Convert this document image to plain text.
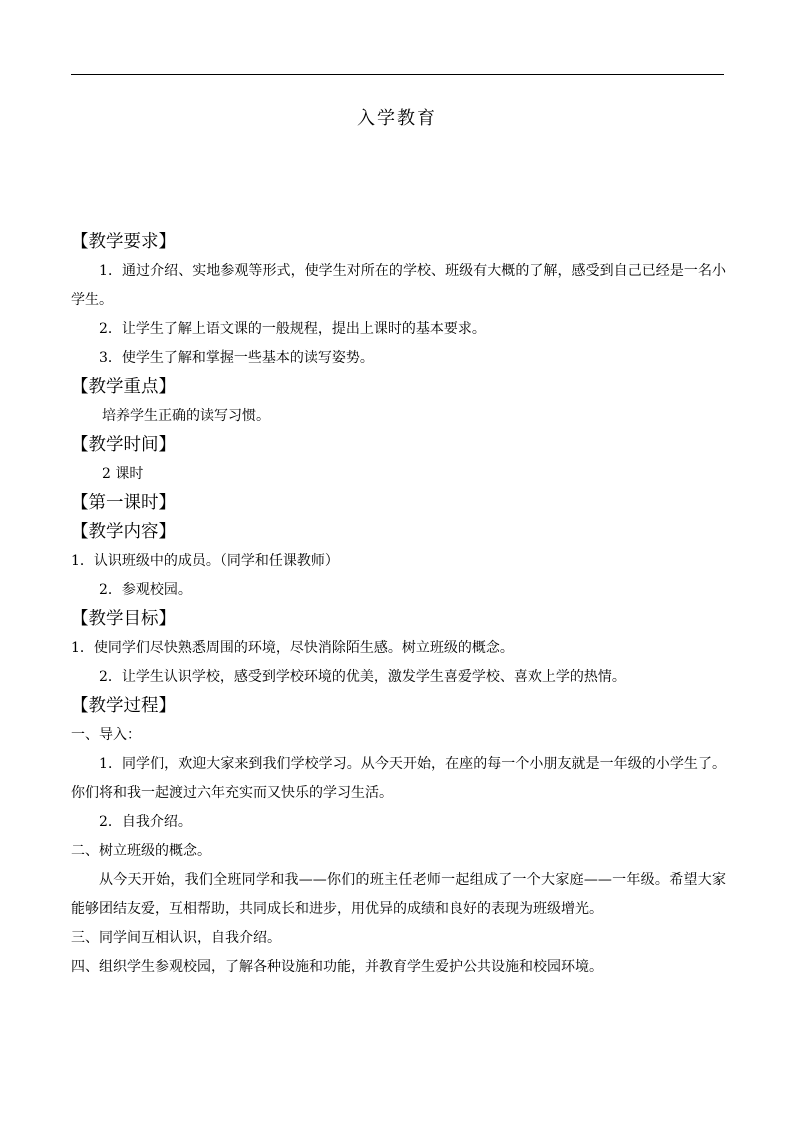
入学教育
【教学要求】

1．通过介绍、实地参观等形式，使学生对所在的学校、班级有大概的了解，感受到自己已经是一名小学生。

2．让学生了解上语文课的一般规程，提出上课时的基本要求。

3．使学生了解和掌握一些基本的读写姿势。

【教学重点】

培养学生正确的读写习惯。

【教学时间】

2 课时

【第一课时】
【教学内容】

1．认识班级中的成员。（同学和任课教师）

2．参观校园。

【教学目标】

1．使同学们尽快熟悉周围的环境，尽快消除陌生感。树立班级的概念。

2．让学生认识学校，感受到学校环境的优美，激发学生喜爱学校、喜欢上学的热情。

【教学过程】

一、导入：

1．同学们，欢迎大家来到我们学校学习。从今天开始，在座的每一个小朋友就是一年级的小学生了。你们将和我一起渡过六年充实而又快乐的学习生活。

2．自我介绍。

二、树立班级的概念。

从今天开始，我们全班同学和我——你们的班主任老师一起组成了一个大家庭——一年级。希望大家能够团结友爱，互相帮助，共同成长和进步，用优异的成绩和良好的表现为班级增光。

三、同学间互相认识，自我介绍。

四、组织学生参观校园，了解各种设施和功能，并教育学生爱护公共设施和校园环境。
